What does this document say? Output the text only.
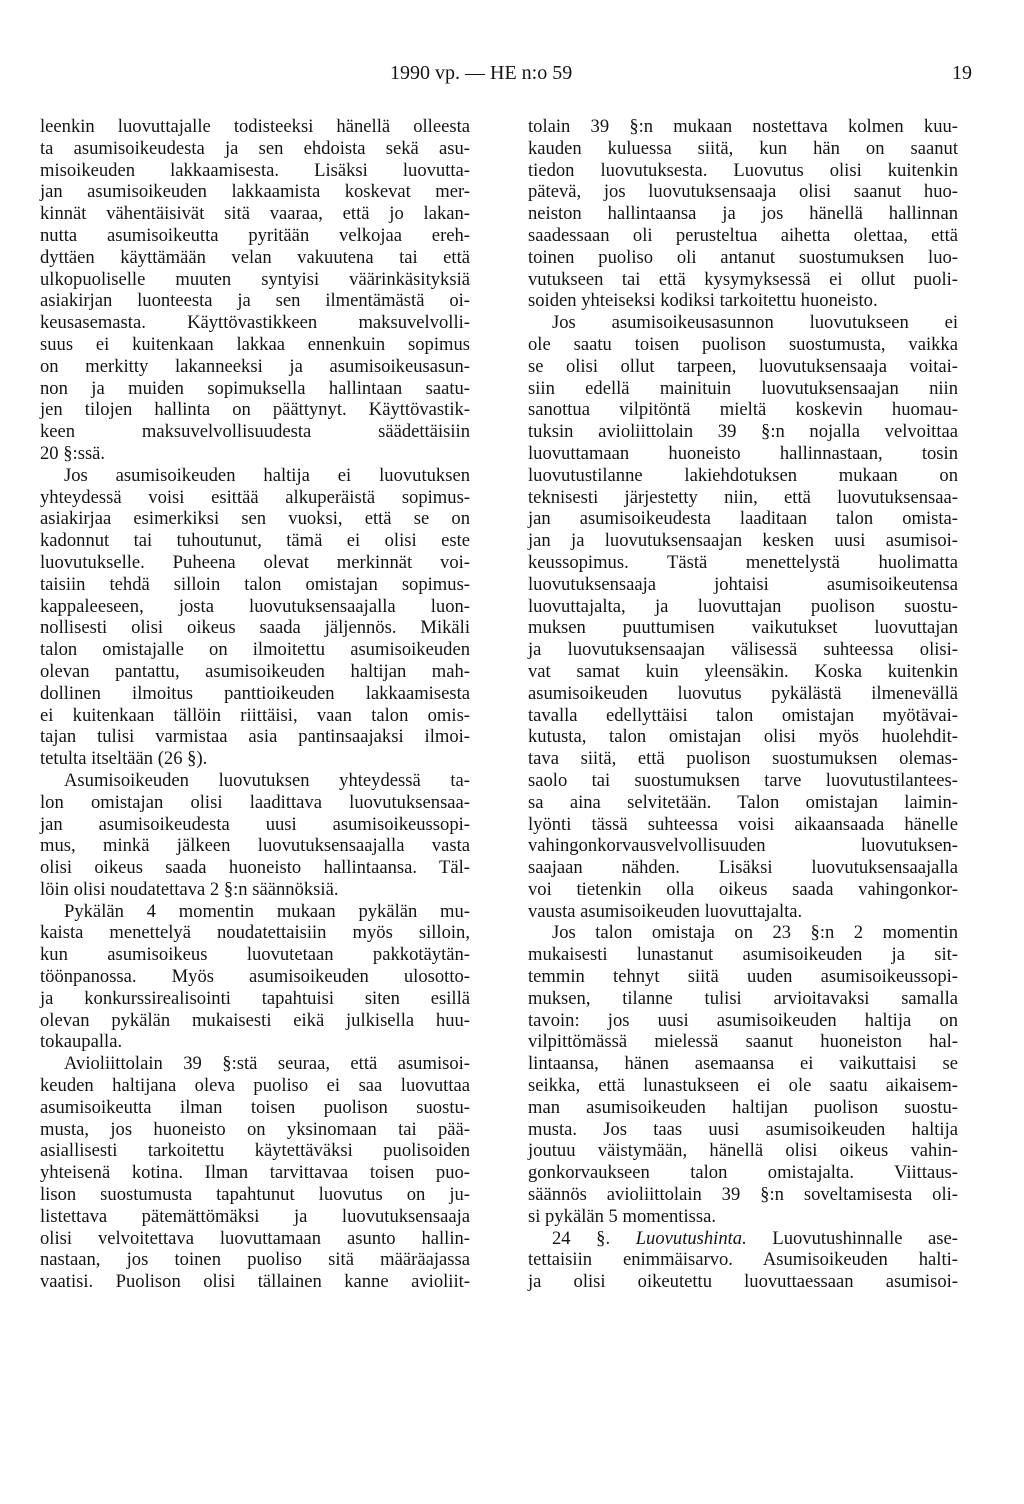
1990 vp. — HE n:o 59	19
leenkin luovuttajalle todisteeksi hänellä olleesta
ta asumisoikeudesta ja sen ehdoista sekä asu-
misoikeuden lakkaamisesta. Lisäksi luovutta-
jan asumisoikeuden lakkaamista koskevat mer-
kinnät vähentäisivät sitä vaaraa, että jo lakan-
nutta asumisoikeutta pyritään velkojaa ereh-
dyttäen käyttämään velan vakuutena tai että
ulkopuoliselle muuten syntyisi väärinkäsityksiä
asiakirjan luonteesta ja sen ilmentämästä oi-
keusasemasta. Käyttövastikkeen maksuvelvolli-
suus ei kuitenkaan lakkaa ennenkuin sopimus
on merkitty lakanneeksi ja asumisoikeusasun-
non ja muiden sopimuksella hallintaan saatu-
jen tilojen hallinta on päättynyt. Käyttövastik-
keen maksuvelvollisuudesta säädettäisiin
20 §:ssä.
Jos asumisoikeuden haltija ei luovutuksen
yhteydessä voisi esittää alkuperäistä sopimus-
asiakirjaa esimerkiksi sen vuoksi, että se on
kadonnut tai tuhoutunut, tämä ei olisi este
luovutukselle. Puheena olevat merkinnät voi-
taisiin tehdä silloin talon omistajan sopimus-
kappaleeseen, josta luovutuksensaajalla luon-
nollisesti olisi oikeus saada jäljennös. Mikäli
talon omistajalle on ilmoitettu asumisoikeuden
olevan pantattu, asumisoikeuden haltijan mah-
dollinen ilmoitus panttioikeuden lakkaamisesta
ei kuitenkaan tällöin riittäisi, vaan talon omis-
tajan tulisi varmistaa asia pantinsaajaksi ilmoi-
tetulta itseltään (26 §).
Asumisoikeuden luovutuksen yhteydessä ta-
lon omistajan olisi laadittava luovutuksensaa-
jan asumisoikeudesta uusi asumisoikeussopi-
mus, minkä jälkeen luovutuksensaajalla vasta
olisi oikeus saada huoneisto hallintaansa. Täl-
löin olisi noudatettava 2 §:n säännöksiä.
Pykälän 4 momentin mukaan pykälän mu-
kaista menettelyä noudatettaisiin myös silloin,
kun asumisoikeus luovutetaan pakkotäytän-
töönpanossa. Myös asumisoikeuden ulosotto-
ja konkurssirealisointi tapahtuisi siten esillä
olevan pykälän mukaisesti eikä julkisella huu-
tokaupalla.
Avioliittolain 39 §:stä seuraa, että asumisoi-
keuden haltijana oleva puoliso ei saa luovuttaa
asumisoikeutta ilman toisen puolison suostu-
musta, jos huoneisto on yksinomaan tai pää-
asiallisesti tarkoitettu käytettäväksi puolisoiden
yhteisenä kotina. Ilman tarvittavaa toisen puo-
lison suostumusta tapahtunut luovutus on ju-
listettava pätemättömäksi ja luovutuksensaaja
olisi velvoitettava luovuttamaan asunto hallin-
nastaan, jos toinen puoliso sitä määräajassa
vaatisi. Puolison olisi tällainen kanne avioliit-
tolain 39 §:n mukaan nostettava kolmen kuu-
kauden kuluessa siitä, kun hän on saanut
tiedon luovutuksesta. Luovutus olisi kuitenkin
pätevä, jos luovutuksensaaja olisi saanut huo-
neiston hallintaansa ja jos hänellä hallinnan
saadessaan oli perusteltua aihetta olettaa, että
toinen puoliso oli antanut suostumuksen luo-
vutukseen tai että kysymyksessä ei ollut puoli-
soiden yhteiseksi kodiksi tarkoitettu huoneisto.
Jos asumisoikeusasunnon luovutukseen ei
ole saatu toisen puolison suostumusta, vaikka
se olisi ollut tarpeen, luovutuksensaaja voitai-
siin edellä mainituin luovutuksensaajan niin
sanottua vilpitöntä mieltä koskevin huomau-
tuksin avioliittolain 39 §:n nojalla velvoittaa
luovuttamaan huoneisto hallinnastaan, tosin
luovutustilanne lakiehdotuksen mukaan on
teknisesti järjestetty niin, että luovutuksensaa-
jan asumisoikeudesta laaditaan talon omista-
jan ja luovutuksensaajan kesken uusi asumisoi-
keussopimus. Tästä menettelystä huolimatta
luovutuksensaaja johtaisi asumisoikeutensa
luovuttajalta, ja luovuttajan puolison suostu-
muksen puuttumisen vaikutukset luovuttajan
ja luovutuksensaajan välisessä suhteessa olisi-
vat samat kuin yleensäkin. Koska kuitenkin
asumisoikeuden luovutus pykälästä ilmenevällä
tavalla edellyttäisi talon omistajan myötävai-
kutusta, talon omistajan olisi myös huolehdit-
tava siitä, että puolison suostumuksen olemas-
saolo tai suostumuksen tarve luovutustilantees-
sa aina selvitetään. Talon omistajan laimin-
lyönti tässä suhteessa voisi aikaansaada hänelle
vahingonkorvausvelvollisuuden luovutuksen-
saajaan nähden. Lisäksi luovutuksensaajalla
voi tietenkin olla oikeus saada vahingonkor-
vausta asumisoikeuden luovuttajalta.
Jos talon omistaja on 23 §:n 2 momentin
mukaisesti lunastanut asumisoikeuden ja sit-
temmin tehnyt siitä uuden asumisoikeussopi-
muksen, tilanne tulisi arvioitavaksi samalla
tavoin: jos uusi asumisoikeuden haltija on
vilpittömässä mielessä saanut huoneiston hal-
lintaansa, hänen asemaansa ei vaikuttaisi se
seikka, että lunastukseen ei ole saatu aikaisem-
man asumisoikeuden haltijan puolison suostu-
musta. Jos taas uusi asumisoikeuden haltija
joutuu väistymään, hänellä olisi oikeus vahin-
gonkorvaukseen talon omistajalta. Viittaus-
säännös avioliittolain 39 §:n soveltamisesta oli-
si pykälän 5 momentissa.
24 §. Luovutushinta. Luovutushinnalle ase-
tettaisiin enimmäisarvo. Asumisoikeuden halti-
ja olisi oikeutettu luovuttaessaan asumisoi-
